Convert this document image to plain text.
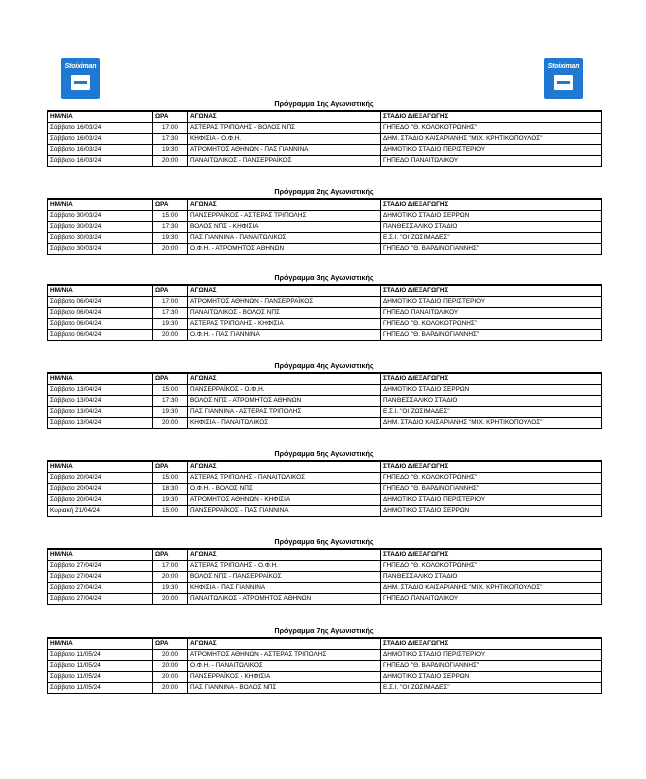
Stoiximan	Stoiximan
Πρόγραμμα 1ης Αγωνιστικής
ΗΜ/ΝΙΑ	ΩΡΑ	ΑΓΩΝΑΣ	ΣΤΑΔΙΟ ΔΙΕΞΑΓΩΓΗΣ
Σάββατο 16/03/24	17:00	ΑΣΤΕΡΑΣ ΤΡΙΠΟΛΗΣ - ΒΟΛΟΣ ΝΠΣ	ΓΗΠΕΔΟ "Θ. ΚΟΛΟΚΟΤΡΩΝΗΣ"
Σάββατο 16/03/24	17:30	ΚΗΦΙΣΙΑ - Ο.Φ.Η.	ΔΗΜ. ΣΤΑΔΙΟ ΚΑΙΣΑΡΙΑΝΗΣ "ΜΙΧ. ΚΡΗΤΙΚΟΠΟΥΛΟΣ"
Σάββατο 16/03/24	19:30	ΑΤΡΟΜΗΤΟΣ ΑΘΗΝΩΝ - ΠΑΣ ΓΙΑΝΝΙΝΑ	ΔΗΜΟΤΙΚΟ ΣΤΑΔΙΟ ΠΕΡΙΣΤΕΡΙΟΥ
Σάββατο 16/03/24	20:00	ΠΑΝΑΙΤΩΛΙΚΟΣ - ΠΑΝΣΕΡΡΑΪΚΟΣ	ΓΗΠΕΔΟ ΠΑΝΑΙΤΩΛΙΚΟΥ
Πρόγραμμα 2ης Αγωνιστικής
ΗΜ/ΝΙΑ	ΩΡΑ	ΑΓΩΝΑΣ	ΣΤΑΔΙΟ ΔΙΕΞΑΓΩΓΗΣ
Σάββατο 30/03/24	15:00	ΠΑΝΣΕΡΡΑΪΚΟΣ - ΑΣΤΕΡΑΣ ΤΡΙΠΟΛΗΣ	ΔΗΜΟΤΙΚΟ ΣΤΑΔΙΟ ΣΕΡΡΩΝ
Σάββατο 30/03/24	17:30	ΒΟΛΟΣ ΝΠΣ - ΚΗΦΙΣΙΑ	ΠΑΝΘΕΣΣΑΛΙΚΟ ΣΤΑΔΙΟ
Σάββατο 30/03/24	19:30	ΠΑΣ ΓΙΑΝΝΙΝΑ - ΠΑΝΑΙΤΩΛΙΚΟΣ	Ε.Σ.Ι. "ΟΙ ΖΩΣΙΜΑΔΕΣ"
Σάββατο 30/03/24	20:00	Ο.Φ.Η. - ΑΤΡΟΜΗΤΟΣ ΑΘΗΝΩΝ	ΓΗΠΕΔΟ "Θ. ΒΑΡΔΙΝΟΓΙΑΝΝΗΣ"
Πρόγραμμα 3ης Αγωνιστικής
ΗΜ/ΝΙΑ	ΩΡΑ	ΑΓΩΝΑΣ	ΣΤΑΔΙΟ ΔΙΕΞΑΓΩΓΗΣ
Σάββατο 06/04/24	17:00	ΑΤΡΟΜΗΤΟΣ ΑΘΗΝΩΝ - ΠΑΝΣΕΡΡΑΪΚΟΣ	ΔΗΜΟΤΙΚΟ ΣΤΑΔΙΟ ΠΕΡΙΣΤΕΡΙΟΥ
Σάββατο 06/04/24	17:30	ΠΑΝΑΙΤΩΛΙΚΟΣ - ΒΟΛΟΣ ΝΠΣ	ΓΗΠΕΔΟ ΠΑΝΑΙΤΩΛΙΚΟΥ
Σάββατο 06/04/24	19:30	ΑΣΤΕΡΑΣ ΤΡΙΠΟΛΗΣ - ΚΗΦΙΣΙΑ	ΓΗΠΕΔΟ "Θ. ΚΟΛΟΚΟΤΡΩΝΗΣ"
Σάββατο 06/04/24	20:00	Ο.Φ.Η. - ΠΑΣ ΓΙΑΝΝΙΝΑ	ΓΗΠΕΔΟ "Θ. ΒΑΡΔΙΝΟΓΙΑΝΝΗΣ"
Πρόγραμμα 4ης Αγωνιστικής
ΗΜ/ΝΙΑ	ΩΡΑ	ΑΓΩΝΑΣ	ΣΤΑΔΙΟ ΔΙΕΞΑΓΩΓΗΣ
Σάββατο 13/04/24	15:00	ΠΑΝΣΕΡΡΑΪΚΟΣ - Ο.Φ.Η.	ΔΗΜΟΤΙΚΟ ΣΤΑΔΙΟ ΣΕΡΡΩΝ
Σάββατο 13/04/24	17:30	ΒΟΛΟΣ ΝΠΣ - ΑΤΡΟΜΗΤΟΣ ΑΘΗΝΩΝ	ΠΑΝΘΕΣΣΑΛΙΚΟ ΣΤΑΔΙΟ
Σάββατο 13/04/24	19:30	ΠΑΣ ΓΙΑΝΝΙΝΑ - ΑΣΤΕΡΑΣ ΤΡΙΠΟΛΗΣ	Ε.Σ.Ι. "ΟΙ ΖΩΣΙΜΑΔΕΣ"
Σάββατο 13/04/24	20:00	ΚΗΦΙΣΙΑ - ΠΑΝΑΙΤΩΛΙΚΟΣ	ΔΗΜ. ΣΤΑΔΙΟ ΚΑΙΣΑΡΙΑΝΗΣ "ΜΙΧ. ΚΡΗΤΙΚΟΠΟΥΛΟΣ"
Πρόγραμμα 5ης Αγωνιστικής
ΗΜ/ΝΙΑ	ΩΡΑ	ΑΓΩΝΑΣ	ΣΤΑΔΙΟ ΔΙΕΞΑΓΩΓΗΣ
Σάββατο 20/04/24	15:00	ΑΣΤΕΡΑΣ ΤΡΙΠΟΛΗΣ - ΠΑΝΑΙΤΩΛΙΚΟΣ	ΓΗΠΕΔΟ "Θ. ΚΟΛΟΚΟΤΡΩΝΗΣ"
Σάββατο 20/04/24	18:30	Ο.Φ.Η. - ΒΟΛΟΣ ΝΠΣ	ΓΗΠΕΔΟ "Θ. ΒΑΡΔΙΝΟΓΙΑΝΝΗΣ"
Σάββατο 20/04/24	19:30	ΑΤΡΟΜΗΤΟΣ ΑΘΗΝΩΝ - ΚΗΦΙΣΙΑ	ΔΗΜΟΤΙΚΟ ΣΤΑΔΙΟ ΠΕΡΙΣΤΕΡΙΟΥ
Κυριακή 21/04/24	15:00	ΠΑΝΣΕΡΡΑΪΚΟΣ - ΠΑΣ ΓΙΑΝΝΙΝΑ	ΔΗΜΟΤΙΚΟ ΣΤΑΔΙΟ ΣΕΡΡΩΝ
Πρόγραμμα 6ης Αγωνιστικής
ΗΜ/ΝΙΑ	ΩΡΑ	ΑΓΩΝΑΣ	ΣΤΑΔΙΟ ΔΙΕΞΑΓΩΓΗΣ
Σάββατο 27/04/24	17:00	ΑΣΤΕΡΑΣ ΤΡΙΠΟΛΗΣ - Ο.Φ.Η.	ΓΗΠΕΔΟ "Θ. ΚΟΛΟΚΟΤΡΩΝΗΣ"
Σάββατο 27/04/24	20:00	ΒΟΛΟΣ ΝΠΣ - ΠΑΝΣΕΡΡΑΪΚΟΣ	ΠΑΝΘΕΣΣΑΛΙΚΟ ΣΤΑΔΙΟ
Σάββατο 27/04/24	19:30	ΚΗΦΙΣΙΑ - ΠΑΣ ΓΙΑΝΝΙΝΑ	ΔΗΜ. ΣΤΑΔΙΟ ΚΑΙΣΑΡΙΑΝΗΣ "ΜΙΧ. ΚΡΗΤΙΚΟΠΟΥΛΟΣ"
Σάββατο 27/04/24	20:00	ΠΑΝΑΙΤΩΛΙΚΟΣ - ΑΤΡΟΜΗΤΟΣ ΑΘΗΝΩΝ	ΓΗΠΕΔΟ ΠΑΝΑΙΤΩΛΙΚΟΥ
Πρόγραμμα 7ης Αγωνιστικής
ΗΜ/ΝΙΑ	ΩΡΑ	ΑΓΩΝΑΣ	ΣΤΑΔΙΟ ΔΙΕΞΑΓΩΓΗΣ
Σάββατο 11/05/24	20:00	ΑΤΡΟΜΗΤΟΣ ΑΘΗΝΩΝ - ΑΣΤΕΡΑΣ ΤΡΙΠΟΛΗΣ	ΔΗΜΟΤΙΚΟ ΣΤΑΔΙΟ ΠΕΡΙΣΤΕΡΙΟΥ
Σάββατο 11/05/24	20:00	Ο.Φ.Η. - ΠΑΝΑΙΤΩΛΙΚΟΣ	ΓΗΠΕΔΟ "Θ. ΒΑΡΔΙΝΟΓΙΑΝΝΗΣ"
Σάββατο 11/05/24	20:00	ΠΑΝΣΕΡΡΑΪΚΟΣ - ΚΗΦΙΣΙΑ	ΔΗΜΟΤΙΚΟ ΣΤΑΔΙΟ ΣΕΡΡΩΝ
Σάββατο 11/05/24	20:00	ΠΑΣ ΓΙΑΝΝΙΝΑ - ΒΟΛΟΣ ΝΠΣ	Ε.Σ.Ι. "ΟΙ ΖΩΣΙΜΑΔΕΣ"
